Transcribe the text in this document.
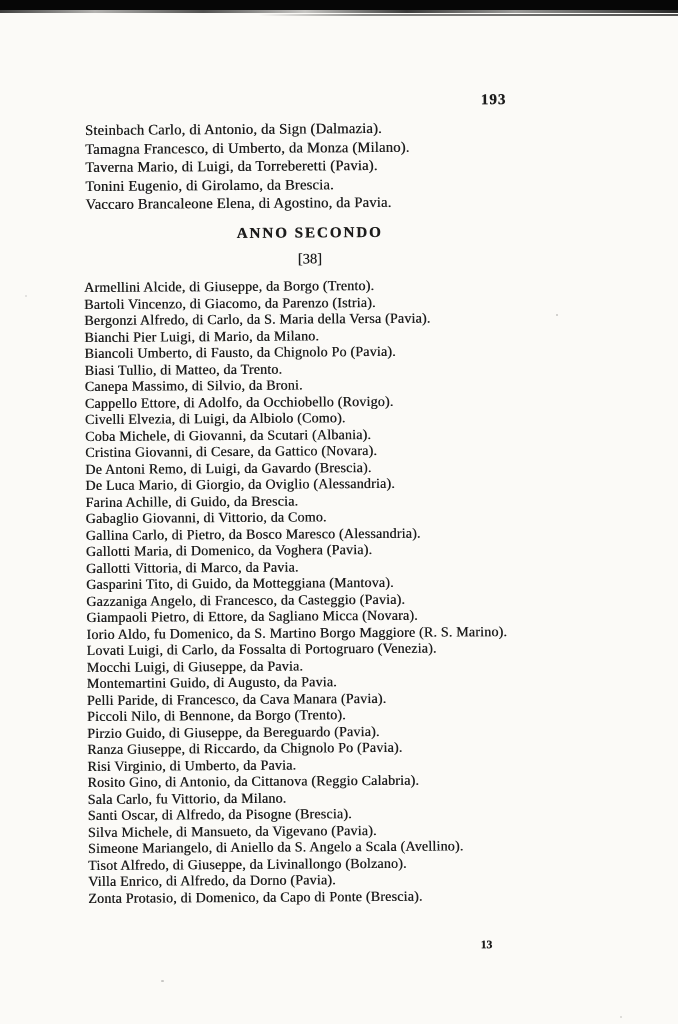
193
Steinbach Carlo, di Antonio, da Sign (Dalmazia).
Tamagna Francesco, di Umberto, da Monza (Milano).
Taverna Mario, di Luigi, da Torreberetti (Pavia).
Tonini Eugenio, di Girolamo, da Brescia.
Vaccaro Brancaleone Elena, di Agostino, da Pavia.
ANNO SECONDO
[38]
Armellini Alcide, di Giuseppe, da Borgo (Trento).
Bartoli Vincenzo, di Giacomo, da Parenzo (Istria).
Bergonzi Alfredo, di Carlo, da S. Maria della Versa (Pavia).
Bianchi Pier Luigi, di Mario, da Milano.
Biancoli Umberto, di Fausto, da Chignolo Po (Pavia).
Biasi Tullio, di Matteo, da Trento.
Canepa Massimo, di Silvio, da Broni.
Cappello Ettore, di Adolfo, da Occhiobello (Rovigo).
Civelli Elvezia, di Luigi, da Albiolo (Como).
Coba Michele, di Giovanni, da Scutari (Albania).
Cristina Giovanni, di Cesare, da Gattico (Novara).
De Antoni Remo, di Luigi, da Gavardo (Brescia).
De Luca Mario, di Giorgio, da Oviglio (Alessandria).
Farina Achille, di Guido, da Brescia.
Gabaglio Giovanni, di Vittorio, da Como.
Gallina Carlo, di Pietro, da Bosco Maresco (Alessandria).
Gallotti Maria, di Domenico, da Voghera (Pavia).
Gallotti Vittoria, di Marco, da Pavia.
Gasparini Tito, di Guido, da Motteggiana (Mantova).
Gazzaniga Angelo, di Francesco, da Casteggio (Pavia).
Giampaoli Pietro, di Ettore, da Sagliano Micca (Novara).
Iorio Aldo, fu Domenico, da S. Martino Borgo Maggiore (R. S. Marino).
Lovati Luigi, di Carlo, da Fossalta di Portogruaro (Venezia).
Mocchi Luigi, di Giuseppe, da Pavia.
Montemartini Guido, di Augusto, da Pavia.
Pelli Paride, di Francesco, da Cava Manara (Pavia).
Piccoli Nilo, di Bennone, da Borgo (Trento).
Pirzio Guido, di Giuseppe, da Bereguardo (Pavia).
Ranza Giuseppe, di Riccardo, da Chignolo Po (Pavia).
Risi Virginio, di Umberto, da Pavia.
Rosito Gino, di Antonio, da Cittanova (Reggio Calabria).
Sala Carlo, fu Vittorio, da Milano.
Santi Oscar, di Alfredo, da Pisogne (Brescia).
Silva Michele, di Mansueto, da Vigevano (Pavia).
Simeone Mariangelo, di Aniello da S. Angelo a Scala (Avellino).
Tisot Alfredo, di Giuseppe, da Livinallongo (Bolzano).
Villa Enrico, di Alfredo, da Dorno (Pavia).
Zonta Protasio, di Domenico, da Capo di Ponte (Brescia).
13
